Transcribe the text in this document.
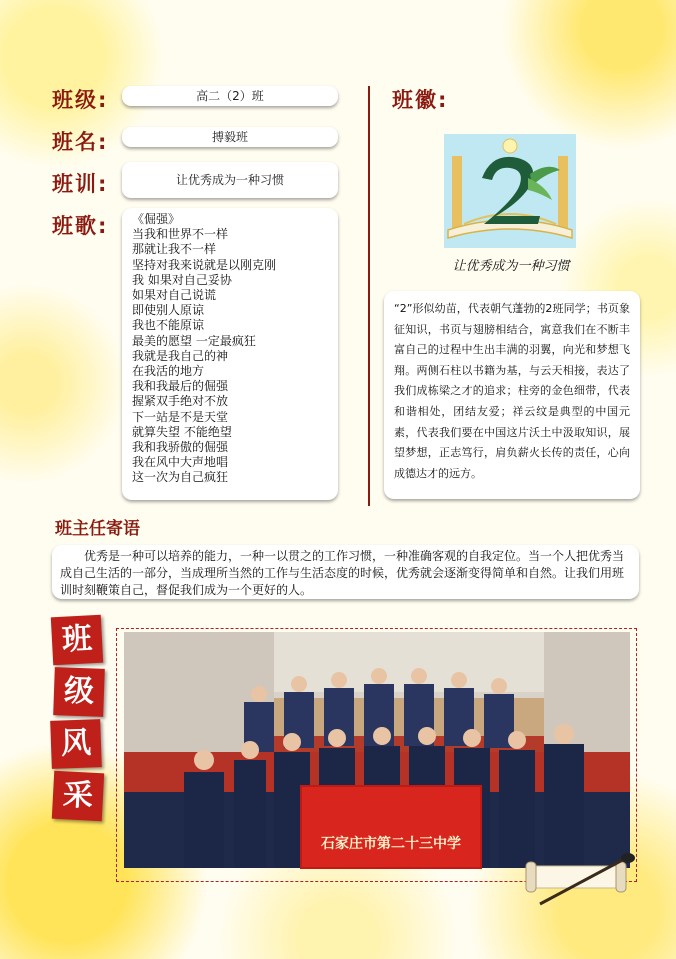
班级:
班名:
班训:
班歌:
高二（2）班
搏毅班
让优秀成为一种习惯
《倔强》
当我和世界不一样
那就让我不一样
坚持对我来说就是以刚克刚
我 如果对自己妥协
如果对自己说谎
即使别人原谅
我也不能原谅
最美的愿望 一定最疯狂
我就是我自己的神
在我活的地方
我和我最后的倔强
握紧双手绝对不放
下一站是不是天堂
就算失望 不能绝望
我和我骄傲的倔强
我在风中大声地唱
这一次为自己疯狂
班徽:
让优秀成为一种习惯
“2”形似幼苗，代表朝气蓬勃的2班同学；书页象征知识，书页与翅膀相结合，寓意我们在不断丰富自己的过程中生出丰满的羽翼，向光和梦想飞翔。两侧石柱以书籍为基，与云天相接，表达了我们成栋梁之才的追求；柱旁的金色细带，代表和谐相处，团结友爱；祥云纹是典型的中国元素，代表我们要在中国这片沃土中汲取知识，展望梦想，正志笃行，肩负薪火长传的责任，心向成德达才的远方。
班主任寄语
优秀是一种可以培养的能力，一种一以贯之的工作习惯，一种准确客观的自我定位。当一个人把优秀当成自己生活的一部分，当成理所当然的工作与生活态度的时候，优秀就会逐渐变得简单和自然。让我们用班训时刻鞭策自己，督促我们成为一个更好的人。
石家庄市第二十三中学
班
级
风
采
